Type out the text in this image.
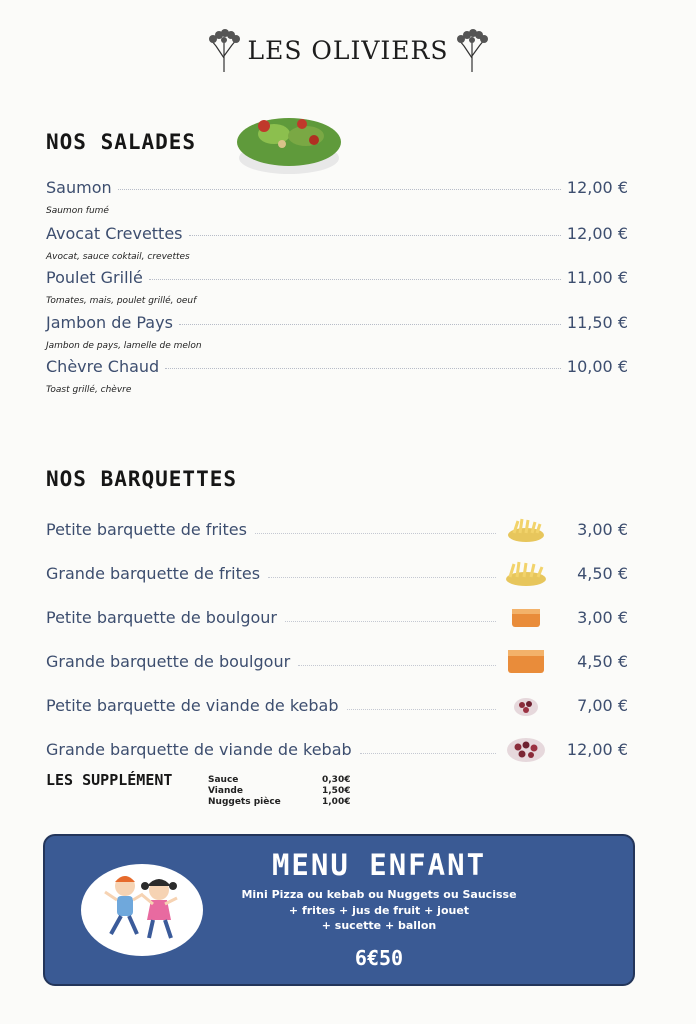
LES OLIVIERS
NOS SALADES
Saumon	12,00 €
Saumon fumé
Avocat Crevettes	12,00 €
Avocat, sauce coktail, crevettes
Poulet Grillé	11,00 €
Tomates, mais, poulet grillé, oeuf
Jambon de Pays	11,50 €
Jambon de pays, lamelle de melon
Chèvre Chaud	10,00 €
Toast grillé, chèvre
NOS BARQUETTES
Petite barquette de frites	3,00 €
Grande barquette de frites	4,50 €
Petite barquette de boulgour	3,00 €
Grande barquette de boulgour	4,50 €
Petite barquette de viande de kebab	7,00 €
Grande barquette de viande de kebab	12,00 €
LES SUPPLÉMENT	Sauce	0,30€
Viande	1,50€
Nuggets pièce	1,00€
MENU ENFANT
Mini Pizza ou kebab ou Nuggets ou Saucisse
+ frites + jus de fruit + jouet
+ sucette + ballon
6€50
